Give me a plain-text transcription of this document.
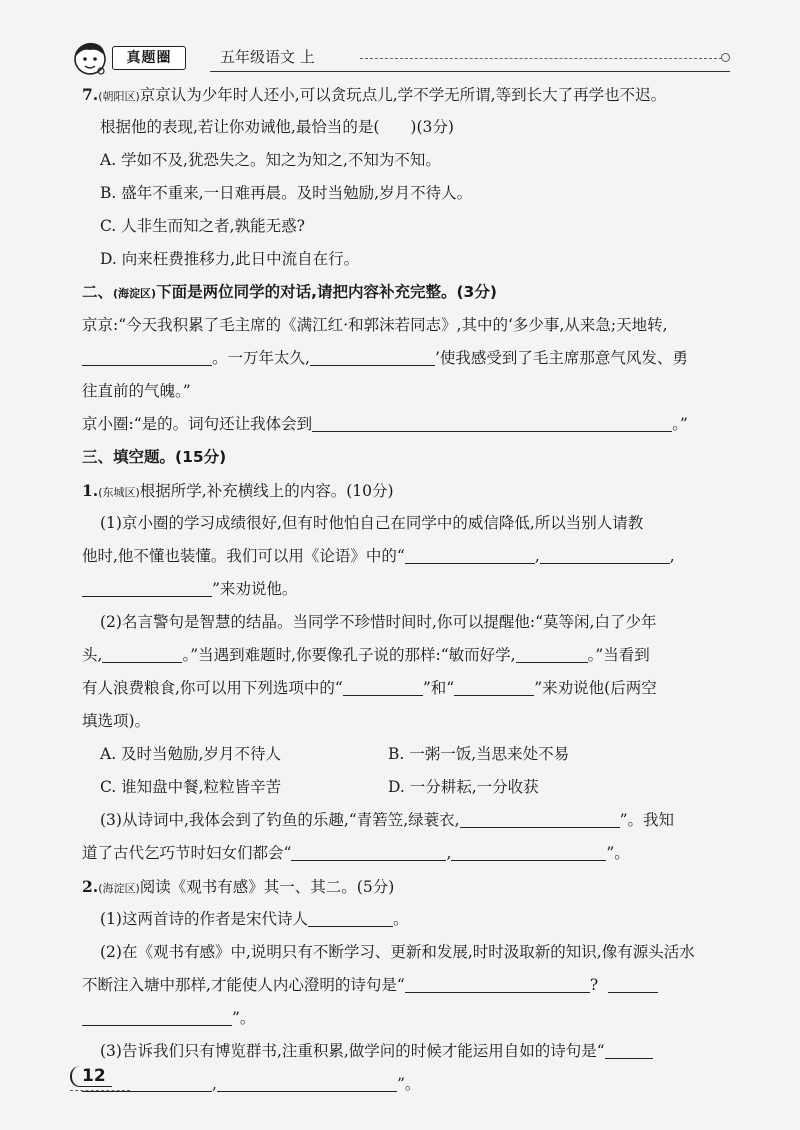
真题圈	五年级语文 上
7.(朝阳区)京京认为少年时人还小,可以贪玩点儿,学不学无所谓,等到长大了再学也不迟。
根据他的表现,若让你劝诫他,最恰当的是(　　)(3分)
A. 学如不及,犹恐失之。知之为知之,不知为不知。
B. 盛年不重来,一日难再晨。及时当勉励,岁月不待人。
C. 人非生而知之者,孰能无惑?
D. 向来枉费推移力,此日中流自在行。
二、(海淀区)下面是两位同学的对话,请把内容补充完整。(3分)
京京:“今天我积累了毛主席的《满江红·和郭沫若同志》,其中的‘多少事,从来急;天地转,
。一万年太久,	’使我感受到了毛主席那意气风发、勇
往直前的气魄。”
京小圈:“是的。词句还让我体会到	。”
三、填空题。(15分)
1.(东城区)根据所学,补充横线上的内容。(10分)
(1)京小圈的学习成绩很好,但有时他怕自己在同学中的威信降低,所以当别人请教
他时,他不懂也装懂。我们可以用《论语》中的“	,	,
”来劝说他。
(2)名言警句是智慧的结晶。当同学不珍惜时间时,你可以提醒他:“莫等闲,白了少年
头,	。”当遇到难题时,你要像孔子说的那样:“敏而好学,	。”当看到
有人浪费粮食,你可以用下列选项中的“	”和“	”来劝说他(后两空
填选项)。
A. 及时当勉励,岁月不待人	B. 一粥一饭,当思来处不易
C. 谁知盘中餐,粒粒皆辛苦	D. 一分耕耘,一分收获
(3)从诗词中,我体会到了钓鱼的乐趣,“青箬笠,绿蓑衣,	”。我知
道了古代乞巧节时妇女们都会“	,	”。
2.(海淀区)阅读《观书有感》其一、其二。(5分)
(1)这两首诗的作者是宋代诗人	。
(2)在《观书有感》中,说明只有不断学习、更新和发展,时时汲取新的知识,像有源头活水
不断注入塘中那样,才能使人内心澄明的诗句是“	?
”。
(3)告诉我们只有博览群书,注重积累,做学问的时候才能运用自如的诗句是“
,	”。
12
